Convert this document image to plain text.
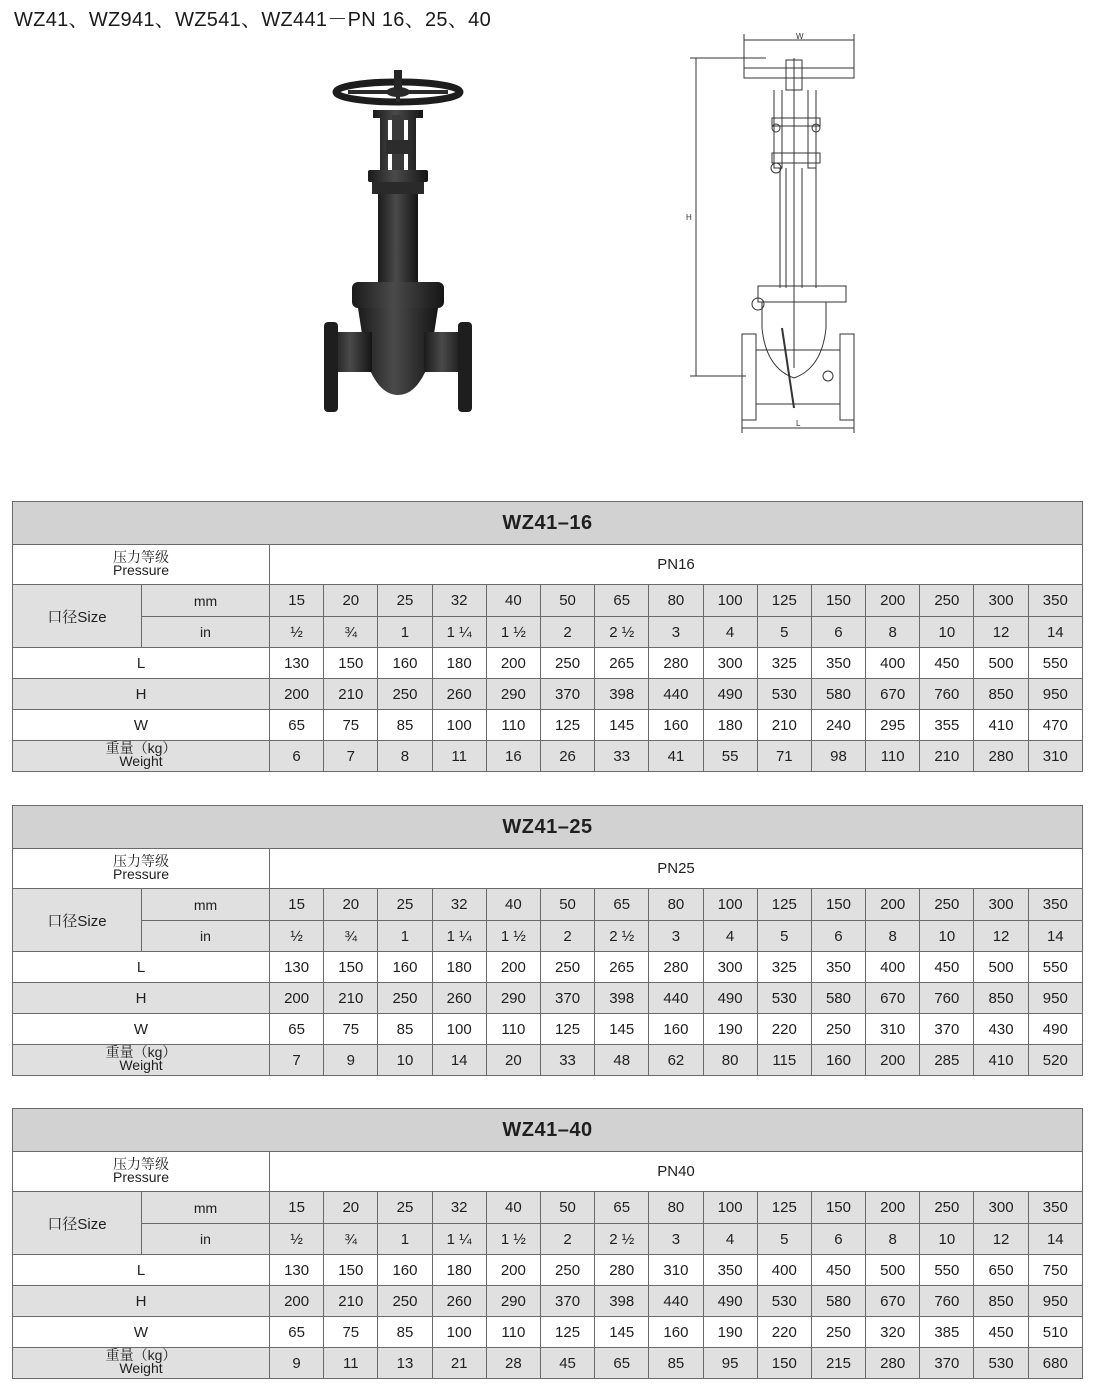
WZ41、WZ941、WZ541、WZ441－PN 16、25、40
W
H
L
WZ41–16																

压力等级
Pressure		PN16														
口径Size	mm	15	20	25	32	40	50	65	80	100	125	150	200	250	300	350
	in	½	¾	1	1 ¼	1 ½	2	2 ½	3	4	5	6	8	10	12	14
L		130	150	160	180	200	250	265	280	300	325	350	400	450	500	550
H		200	210	250	260	290	370	398	440	490	530	580	670	760	850	950
W		65	75	85	100	110	125	145	160	180	210	240	295	355	410	470

重量（kg）
Weight		6	7	8	11	16	26	33	41	55	71	98	110	210	280	310
WZ41–25																

压力等级
Pressure		PN25														
口径Size	mm	15	20	25	32	40	50	65	80	100	125	150	200	250	300	350
	in	½	¾	1	1 ¼	1 ½	2	2 ½	3	4	5	6	8	10	12	14
L		130	150	160	180	200	250	265	280	300	325	350	400	450	500	550
H		200	210	250	260	290	370	398	440	490	530	580	670	760	850	950
W		65	75	85	100	110	125	145	160	190	220	250	310	370	430	490

重量（kg）
Weight		7	9	10	14	20	33	48	62	80	115	160	200	285	410	520
WZ41–40																

压力等级
Pressure		PN40														
口径Size	mm	15	20	25	32	40	50	65	80	100	125	150	200	250	300	350
	in	½	¾	1	1 ¼	1 ½	2	2 ½	3	4	5	6	8	10	12	14
L		130	150	160	180	200	250	280	310	350	400	450	500	550	650	750
H		200	210	250	260	290	370	398	440	490	530	580	670	760	850	950
W		65	75	85	100	110	125	145	160	190	220	250	320	385	450	510

重量（kg）
Weight		9	11	13	21	28	45	65	85	95	150	215	280	370	530	680
